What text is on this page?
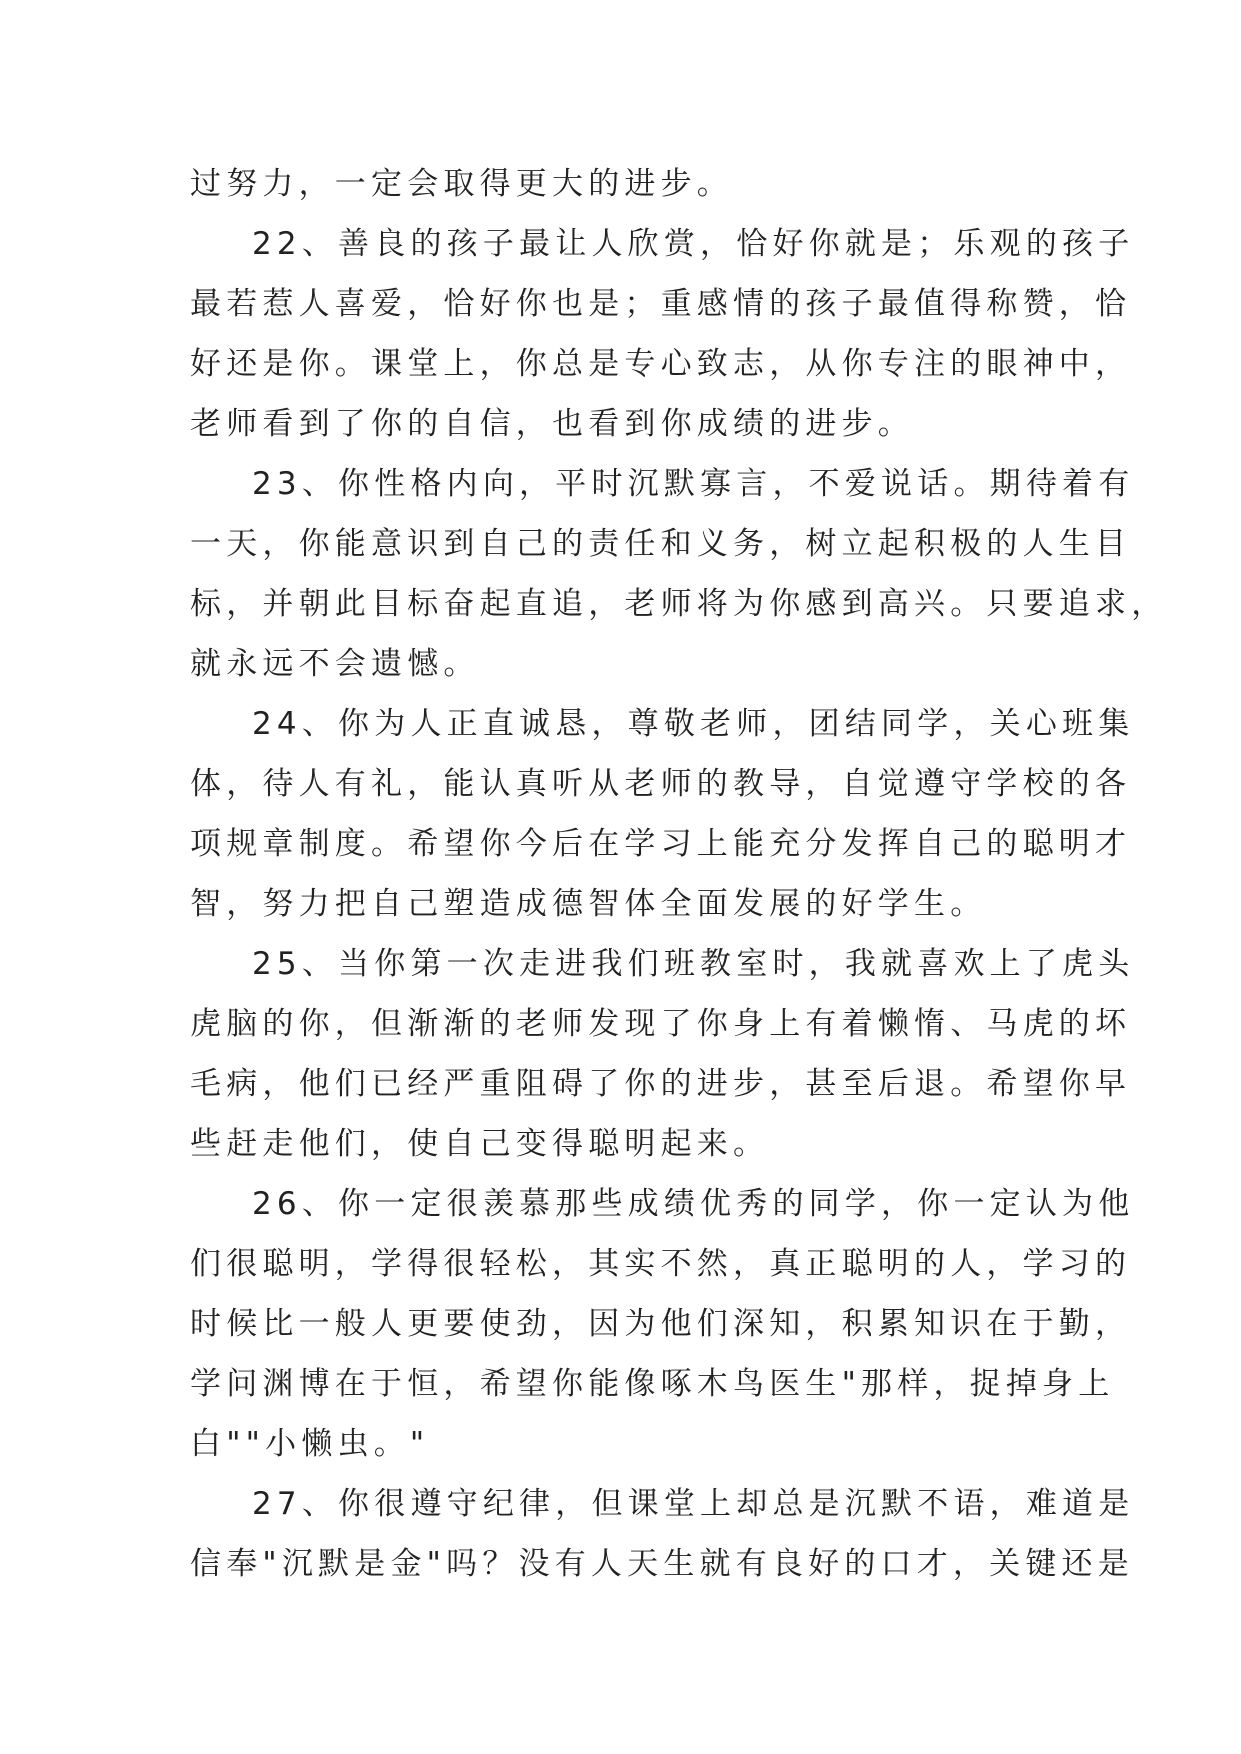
过努力，一定会取得更大的进步。
22、善良的孩子最让人欣赏，恰好你就是；乐观的孩子
最若惹人喜爱，恰好你也是；重感情的孩子最值得称赞，恰
好还是你。课堂上，你总是专心致志，从你专注的眼神中，
老师看到了你的自信，也看到你成绩的进步。
23、你性格内向，平时沉默寡言，不爱说话。期待着有
一天，你能意识到自己的责任和义务，树立起积极的人生目
标，并朝此目标奋起直追，老师将为你感到高兴。只要追求，
就永远不会遗憾。
24、你为人正直诚恳，尊敬老师，团结同学，关心班集
体，待人有礼，能认真听从老师的教导，自觉遵守学校的各
项规章制度。希望你今后在学习上能充分发挥自己的聪明才
智，努力把自己塑造成德智体全面发展的好学生。
25、当你第一次走进我们班教室时，我就喜欢上了虎头
虎脑的你，但渐渐的老师发现了你身上有着懒惰、马虎的坏
毛病，他们已经严重阻碍了你的进步，甚至后退。希望你早
些赶走他们，使自己变得聪明起来。
26、你一定很羡慕那些成绩优秀的同学，你一定认为他
们很聪明，学得很轻松，其实不然，真正聪明的人，学习的
时候比一般人更要使劲，因为他们深知，积累知识在于勤，
学问渊博在于恒，希望你能像啄木鸟医生"那样，捉掉身上
白""小懒虫。"
27、你很遵守纪律，但课堂上却总是沉默不语，难道是
信奉"沉默是金"吗？没有人天生就有良好的口才，关键还是
